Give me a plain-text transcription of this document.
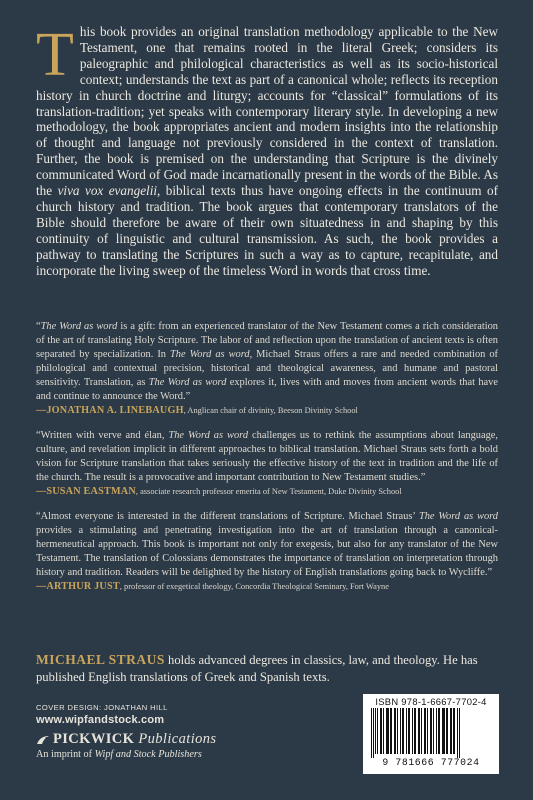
This book provides an original translation methodology applicable to the New Testament, one that remains rooted in the literal Greek; considers its paleographic and philological characteristics as well as its socio-historical context; understands the text as part of a canonical whole; reflects its reception history in church doctrine and liturgy; accounts for “classical” formulations of its translation-tradition; yet speaks with contemporary literary style. In developing a new methodology, the book appropriates ancient and modern insights into the relationship of thought and language not previously considered in the context of translation. Further, the book is premised on the understanding that Scripture is the divinely communicated Word of God made incarnationally present in the words of the Bible. As the viva vox evangelii, biblical texts thus have ongoing effects in the continuum of church history and tradition. The book argues that contemporary translators of the Bible should therefore be aware of their own situatedness in and shaping by this continuity of linguistic and cultural transmission. As such, the book provides a pathway to translating the Scriptures in such a way as to capture, recapitulate, and incorporate the living sweep of the timeless Word in words that cross time.

“The Word as word is a gift: from an experienced translator of the New Testament comes a rich consideration of the art of translating Holy Scripture. The labor of and reflection upon the translation of ancient texts is often separated by specialization. In The Word as word, Michael Straus offers a rare and needed combination of philological and contextual precision, historical and theological awareness, and humane and pastoral sensitivity. Translation, as The Word as word explores it, lives with and moves from ancient words that have and continue to announce the Word.”
—JONATHAN A. LINEBAUGH, Anglican chair of divinity, Beeson Divinity School

“Written with verve and élan, The Word as word challenges us to rethink the assumptions about language, culture, and revelation implicit in different approaches to biblical translation. Michael Straus sets forth a bold vision for Scripture translation that takes seriously the effective history of the text in tradition and the life of the church. The result is a provocative and important contribution to New Testament studies.”
—SUSAN EASTMAN, associate research professor emerita of New Testament, Duke Divinity School

“Almost everyone is interested in the different translations of Scripture. Michael Straus’ The Word as word provides a stimulating and penetrating investigation into the art of translation through a canonical-hermeneutical approach. This book is important not only for exegesis, but also for any translator of the New Testament. The translation of Colossians demonstrates the importance of translation on interpretation through history and tradition. Readers will be delighted by the history of English translations going back to Wycliffe.”
—ARTHUR JUST, professor of exegetical theology, Concordia Theological Seminary, Fort Wayne

MICHAEL STRAUS holds advanced degrees in classics, law, and theology. He has published English translations of Greek and Spanish texts.
COVER DESIGN: JONATHAN HILL
www.wipfandstock.com
PICKWICK Publications
An imprint of Wipf and Stock Publishers
ISBN 978-1-6667-7702-4
9 781666 777024
